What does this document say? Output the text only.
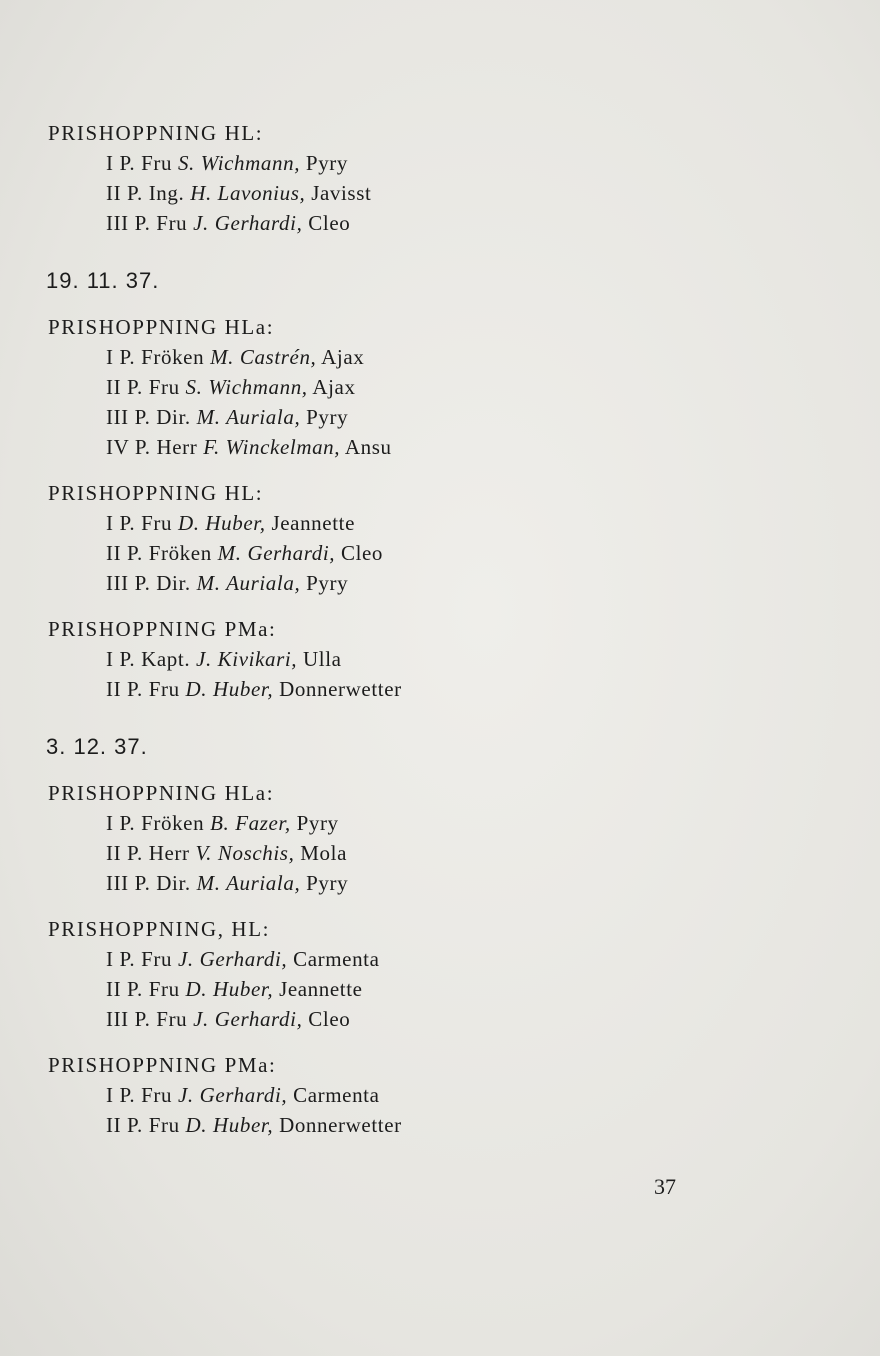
PRISHOPPNING HL:
I P. Fru S. Wichmann, Pyry
II P. Ing. H. Lavonius, Javisst
III P. Fru J. Gerhardi, Cleo
19. 11. 37.
PRISHOPPNING HLa:
I P. Fröken M. Castrén, Ajax
II P. Fru S. Wichmann, Ajax
III P. Dir. M. Auriala, Pyry
IV P. Herr F. Winckelman, Ansu
PRISHOPPNING HL:
I P. Fru D. Huber, Jeannette
II P. Fröken M. Gerhardi, Cleo
III P. Dir. M. Auriala, Pyry
PRISHOPPNING PMa:
I P. Kapt. J. Kivikari, Ulla
II P. Fru D. Huber, Donnerwetter
3. 12. 37.
PRISHOPPNING HLa:
I P. Fröken B. Fazer, Pyry
II P. Herr V. Noschis, Mola
III P. Dir. M. Auriala, Pyry
PRISHOPPNING, HL:
I P. Fru J. Gerhardi, Carmenta
II P. Fru D. Huber, Jeannette
III P. Fru J. Gerhardi, Cleo
PRISHOPPNING PMa:
I P. Fru J. Gerhardi, Carmenta
II P. Fru D. Huber, Donnerwetter
37
